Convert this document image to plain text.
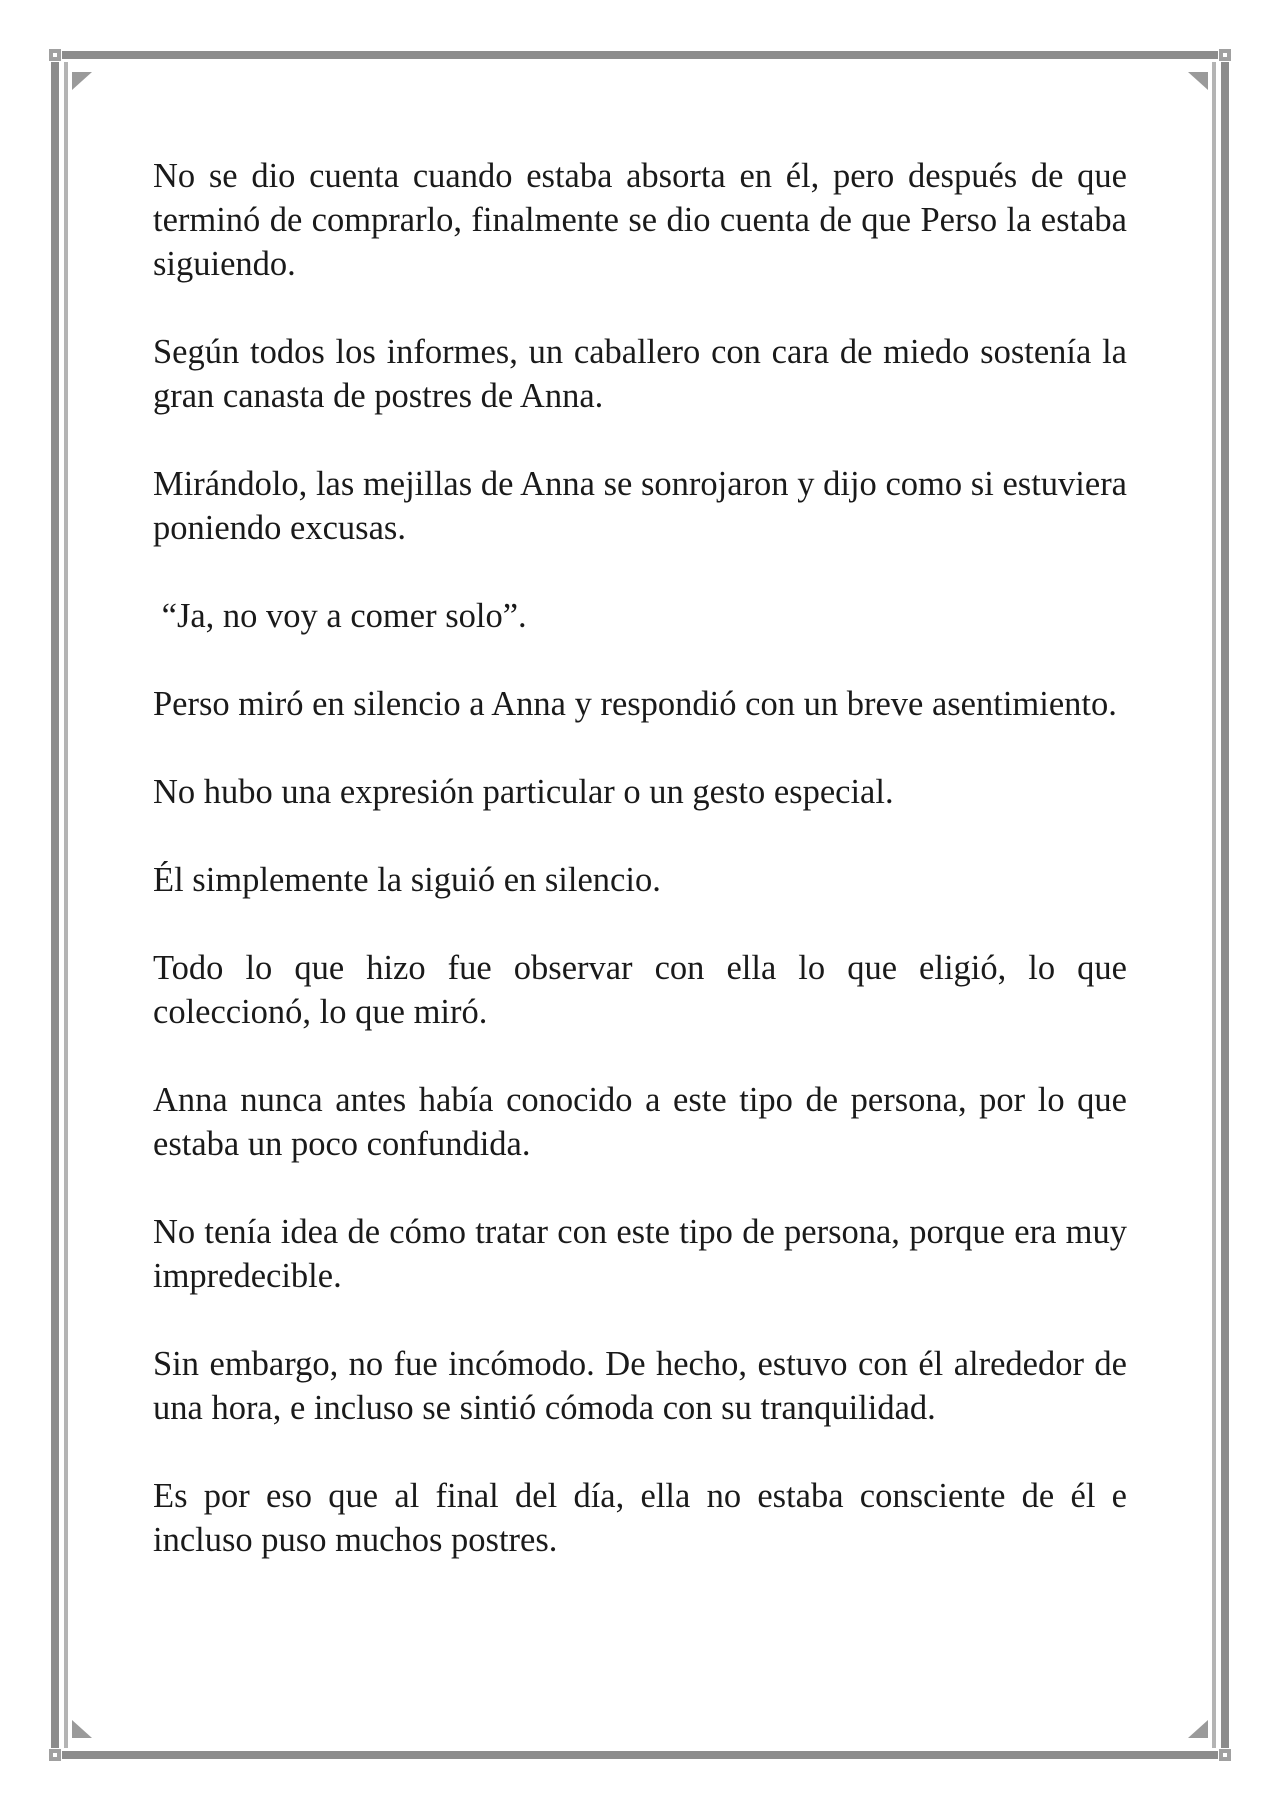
No se dio cuenta cuando estaba absorta en él, pero después de que terminó de comprarlo, finalmente se dio cuenta de que Perso la estaba siguiendo.

Según todos los informes, un caballero con cara de miedo sostenía la gran canasta de postres de Anna.

Mirándolo, las mejillas de Anna se sonrojaron y dijo como si estuviera poniendo excusas.

“Ja, no voy a comer solo”.

Perso miró en silencio a Anna y respondió con un breve asentimiento.

No hubo una expresión particular o un gesto especial.

Él simplemente la siguió en silencio.

Todo lo que hizo fue observar con ella lo que eligió, lo que coleccionó, lo que miró.

Anna nunca antes había conocido a este tipo de persona, por lo que estaba un poco confundida.

No tenía idea de cómo tratar con este tipo de persona, porque era muy impredecible.

Sin embargo, no fue incómodo. De hecho, estuvo con él alrededor de una hora, e incluso se sintió cómoda con su tranquilidad.

Es por eso que al final del día, ella no estaba consciente de él e incluso puso muchos postres.
